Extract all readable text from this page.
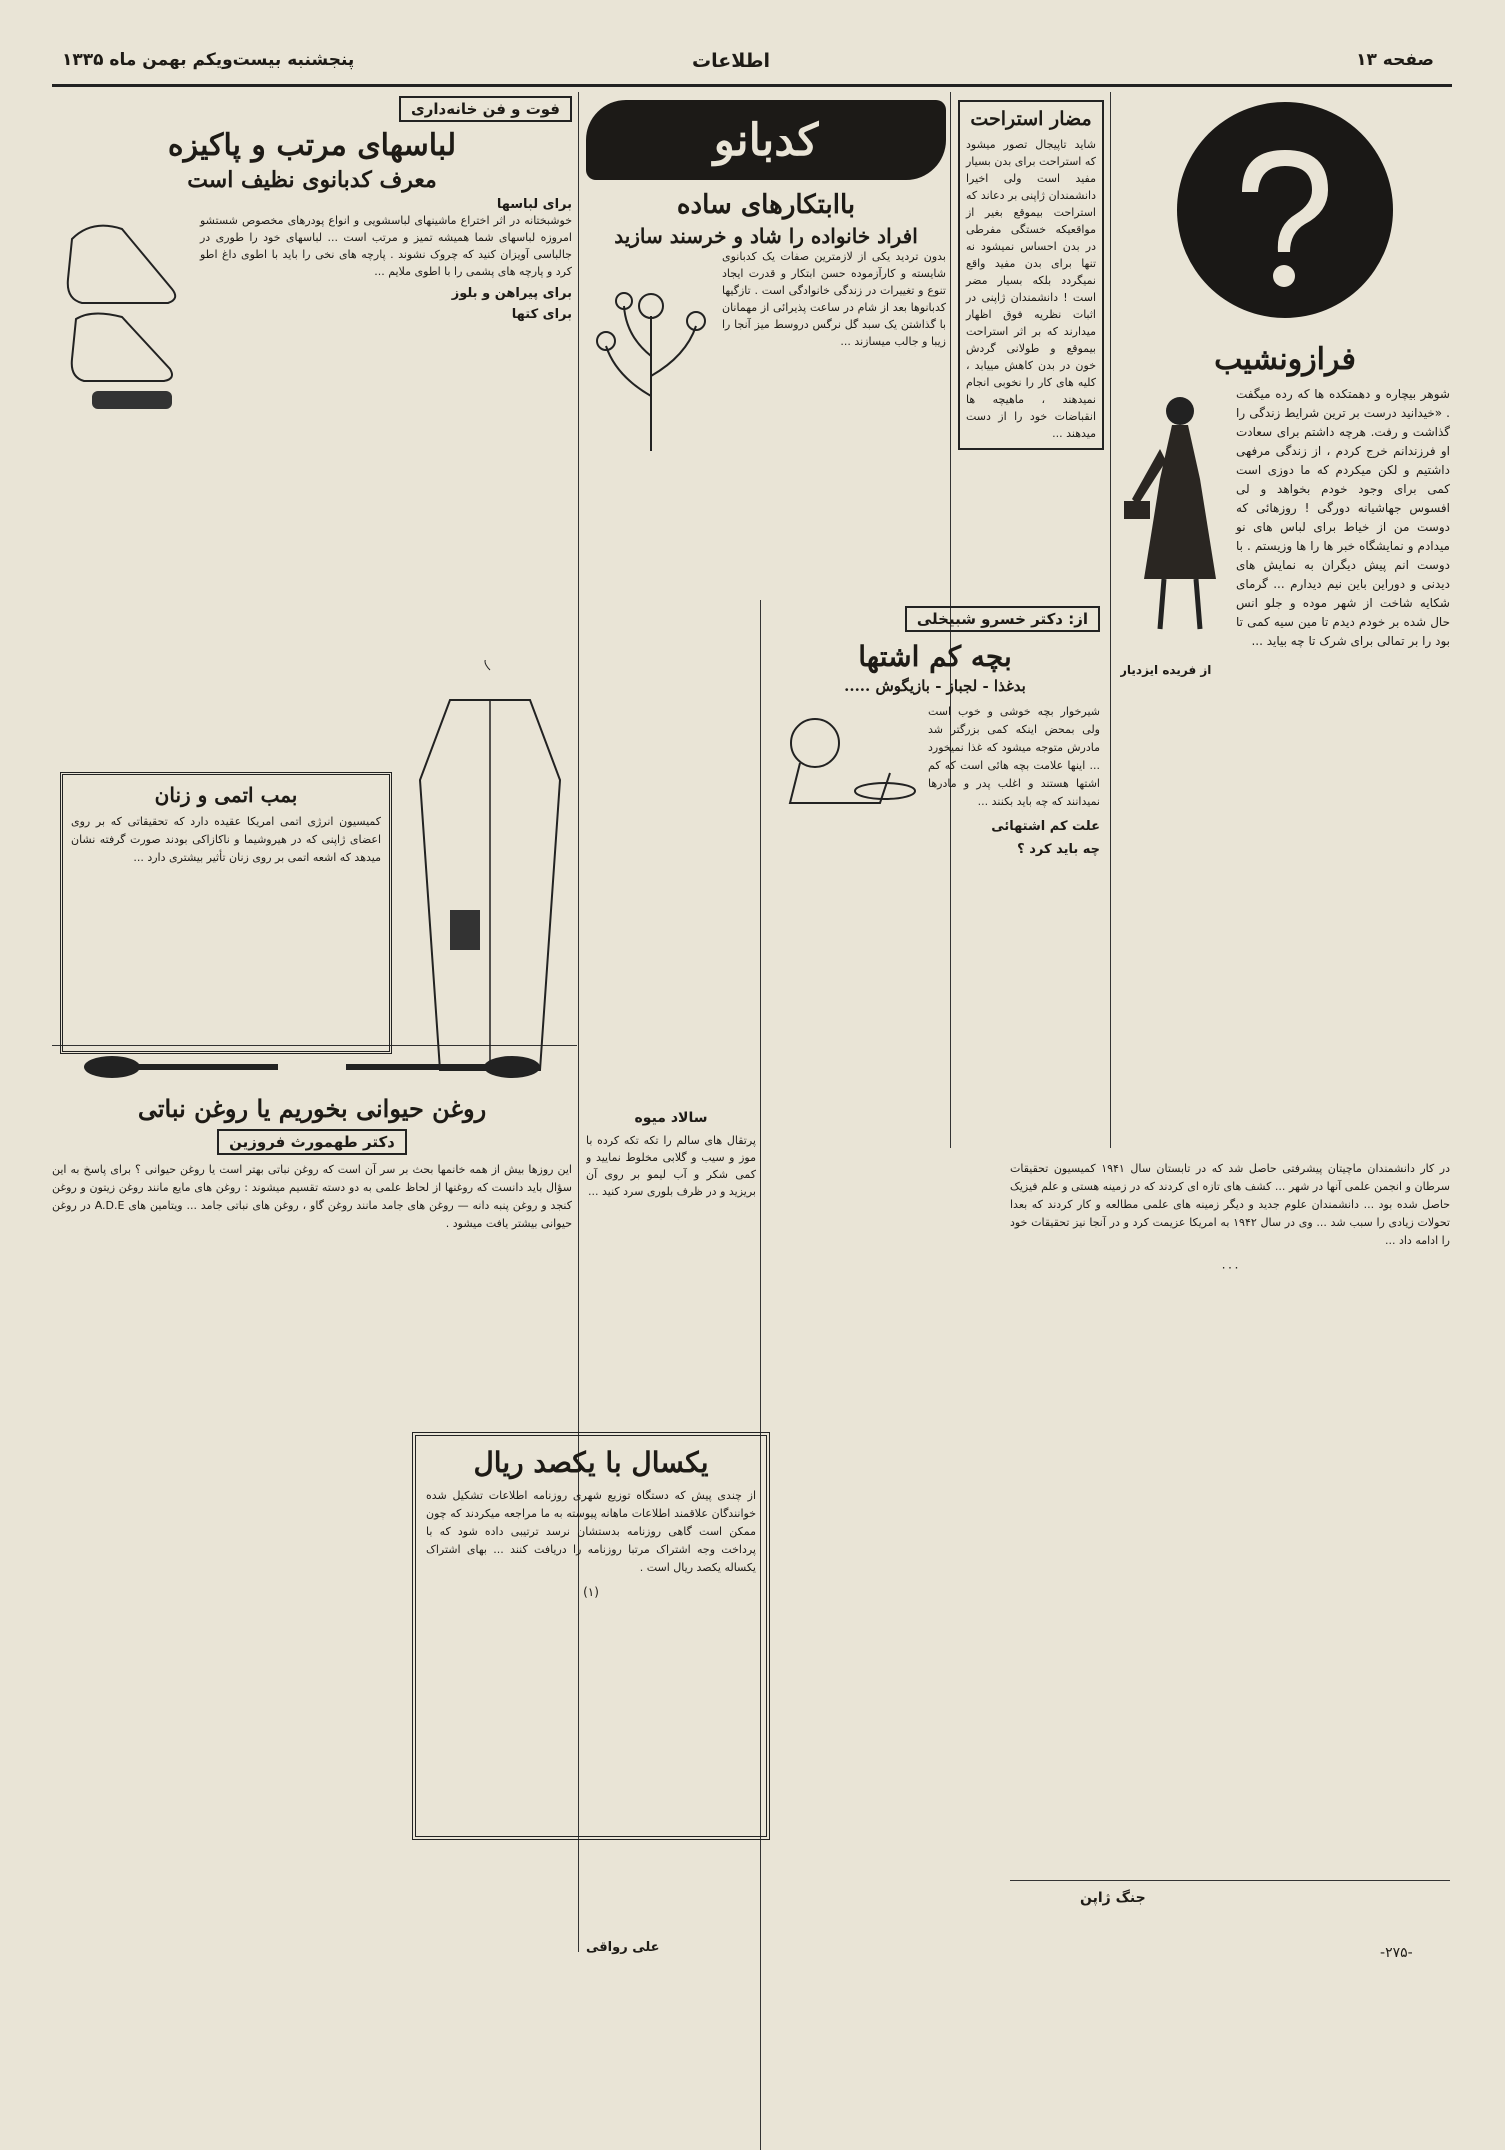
صفحه ۱۳
اطلاعات
پنجشنبه بیست‌و‌یکم بهمن ماه ۱۳۳۵
فرازونشیب
شوهر بیچاره و دهمتکده ها که رده میگفت . «خیدانید درست بر ترین شرایط زندگی را گذاشت و رفت. هرچه داشتم برای سعادت او فرزندانم خرج کردم ، از زندگی مرفهی داشتیم و لکن میکردم که ما دوزی است کمی برای وجود خودم بخواهد و لی افسوس جهاشیانه دورگی ! روزهائی که دوست من از خیاط برای لباس های نو میدادم و نمایشگاه خبر ها را ها وزیستم . با دوست انم پیش دیگران به نمایش های دیدنی و دوراین باین نیم دیدارم ... گرمای شکایه شاخت از شهر موده و جلو انس حال شده بر خودم دیدم تا مین سیه کمی تا بود را بر تمالی برای شرک تا چه بیاید ...
از فریده ایزدیار
مضار استراحت
شاید تاپیجال تصور میشود که استراحت برای بدن بسیار مفید است ولی اخیرا دانشمندان ژاپنی بر دعاند که استراحت بیموقع بغیر از مواقعیکه خستگی مفرطی در بدن احساس نمیشود نه تنها برای بدن مفید واقع نمیگردد بلکه بسیار مضر است ! دانشمندان ژاپنی در اثبات نظریه فوق اظهار میدارند که بر اثر استراحت بیموقع و طولانی گردش خون در بدن کاهش مییابد ، کلیه های کار را نخوبی انجام نمیدهند ، ماهیچه ها انقباضات خود را از دست میدهند ...
کدبانو
باابتکارهای ساده
افراد خانواده را شاد و خرسند سازید
بدون تردید یکی از لازمترین صفات یک کدبانوی شایسته و کارآزموده حسن ابتکار و قدرت ایجاد تنوع و تغییرات در زندگی خانوادگی است . تازگیها کدبانوها بعد از شام در ساعت پذیرائی از مهمانان با گذاشتن یک سبد گل نرگس دروسط میز آنجا را زیبا و جالب میسازند ...
سالاد میوه
پرتقال هاى سالم را تکه تکه کرده با موز و سیب و گلابی مخلوط نمایید و کمی شکر و آب لیمو بر روی آن بریزید و در ظرف بلوری سرد کنید ...
فوت و فن خانه‌داری
لباسهای مرتب و پاکیزه
معرف کدبانوی نظیف است
برای لباسها
خوشبختانه در اثر اختراع ماشینهای لباسشویی و انواع پودرهای مخصوص شستشو امروزه لباسهای شما همیشه تمیز و مرتب است ... لباسهای خود را طوری در جالباسی آویزان کنید که چروک نشوند . پارچه های نخی را باید با اطوی داغ اطو کرد و پارچه های پشمی را با اطوی ملایم ...
برای پیراهن و بلوز
برای کتها
بمب اتمی و زنان
کمیسیون انرژی اتمی امریکا عقیده دارد که تحقیقاتی که بر روی اعضای ژاپنی که در هیروشیما و ناکازاکی بودند صورت گرفته نشان میدهد که اشعه اتمی بر روی زنان تأثیر بیشتری دارد ...
روغن حیوانی بخوریم یا روغن نباتی
دکتر طهمورث فروزین
این روزها بیش از همه خانمها بحث بر سر آن است که روغن نباتی بهتر است یا روغن حیوانی ؟ برای پاسخ به این سؤال باید دانست که روغنها از لحاظ علمی به دو دسته تقسیم میشوند : روغن های مایع مانند روغن زیتون و روغن کنجد و روغن پنبه دانه — روغن های جامد مانند روغن گاو ، روغن های نباتی جامد ... ویتامین های A.D.E در روغن حیوانی بیشتر یافت میشود .
از: دکتر خسرو شبیخلی
بچه کم اشتها
بدغذا - لجباز - بازیگوش .....
شیرخوار بچه خوشی و خوب است ولی بمحض اینکه کمی بزرگتر شد مادرش متوجه میشود که غذا نمیخورد ... اینها علامت بچه هائی است که کم اشتها هستند و اغلب پدر و مادرها نمیدانند که چه باید بکنند ...
علت کم اشتهائی
چه باید کرد ؟
یکسال با یکصد ریال
از چندی پیش که دستگاه توزیع شهری روزنامه اطلاعات تشکیل شده خوانندگان علاقمند اطلاعات ماهانه پیوسته به ما مراجعه میکردند که چون ممکن است گاهی روزنامه بدستشان نرسد ترتیبی داده شود که با پرداخت وجه اشتراک مرتبا روزنامه را دریافت کنند ... بهای اشتراک یکساله یکصد ریال است .
(۱)
در کار دانشمندان ماچیتان پیشرفتی حاصل شد که در تابستان سال ۱۹۴۱ کمیسیون تحقیقات سرطان و انجمن علمی آنها در شهر ... کشف های تازه ای کردند که در زمینه هستی و علم فیزیک حاصل شده بود ... دانشمندان علوم جدید و دیگر زمینه های علمی مطالعه و کار کردند که بعدا تحولات زیادی را سبب شد ... وی در سال ۱۹۴۲ به امریکا عزیمت کرد و در آنجا نیز تحقیقات خود را ادامه داد ...
۰۰۰
جنگ ژاپن
-۲۷۵-
علی رواقی
